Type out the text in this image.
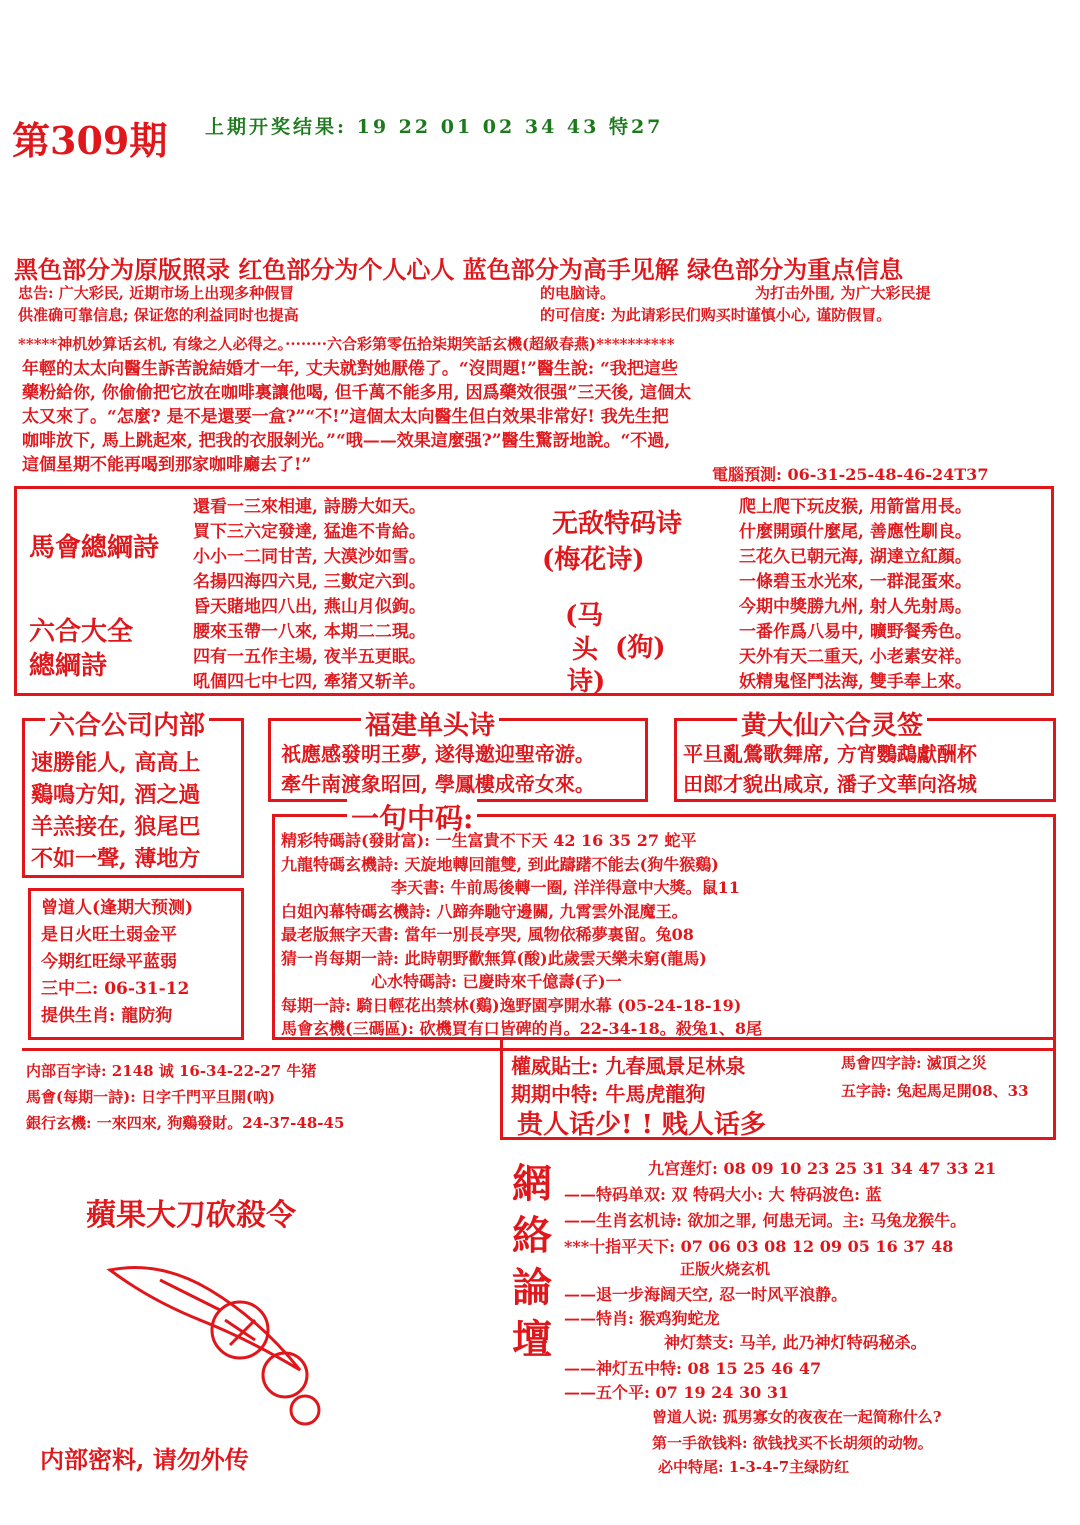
第309期 上期开奖结果: 19 22 01 02 34 43 特27
黑色部分为原版照录 红色部分为个人心人 蓝色部分为高手见解 绿色部分为重点信息
忠告: 广大彩民, 近期市场上出现多种假冒	的电脑诗。	为打击外围, 为广大彩民提
供准确可靠信息; 保证您的利益同时也提高	的可信度: 为此请彩民们购买时谨慎小心, 谨防假冒。
*****神机妙算话玄机, 有缘之人必得之。········六合彩第零伍拾柒期笑話玄機(超級春燕)**********
年輕的太太向醫生訴苦說結婚才一年, 丈夫就對她厭倦了。“沒問題!”醫生說: “我把這些
藥粉給你, 你偷偷把它放在咖啡裏讓他喝, 但千萬不能多用, 因爲藥效很强”三天後, 這個太
太又來了。“怎麼? 是不是還要一盒?”“不!”這個太太向醫生但白效果非常好! 我先生把
咖啡放下, 馬上跳起來, 把我的衣服剝光。”“哦——效果這麼强?”醫生驚訝地說。“不過,
這個星期不能再喝到那家咖啡廳去了!”	電腦預測: 06-31-25-48-46-24T37
馬會總綱詩
六合大全
總綱詩
還看一三來相連, 詩勝大如天。
買下三六定發達, 猛進不肯給。
小小一二同甘苦, 大漠沙如雪。
名揚四海四六見, 三數定六到。
昏天賭地四八出, 燕山月似鉤。
腰來玉帶一八來, 本期二二現。
四有一五作主場, 夜半五更眠。
吼個四七中七四, 牽猪又斩羊。
无敌特码诗
(梅花诗)
(马
头 (狗)
诗)
爬上爬下玩皮猴, 用箭當用長。
什麼開頭什麼尾, 善應性馴良。
三花久已朝元海, 湖達立紅顏。
一條碧玉水光來, 一群混蛋來。
今期中獎勝九州, 射人先射馬。
一番作爲八易中, 曠野餐秀色。
天外有天二重天, 小老素安祥。
妖精鬼怪鬥法海, 雙手奉上來。
六合公司内部
速勝能人, 高高上
鷄鳴方知, 酒之過
羊羔接在, 狼尾巴
不如一聲, 薄地方
福建单头诗
祇應感發明王夢, 遂得邀迎聖帝游。
牽牛南渡象昭回, 學鳳樓成帝女來。
黄大仙六合灵签
平旦亂鶯歌舞席, 方宵鸚鵡獻酬杯
田郎才貌出咸京, 潘子文華向洛城
曾道人(逢期大预测)
是日火旺土弱金平
今期红旺绿平蓝弱
三中二: 06-31-12
提供生肖: 龍防狗
一句中码:
精彩特碼詩(發財富): 一生富貴不下天 42 16 35 27 蛇平
九龍特碼玄機詩: 天旋地轉回龍雙, 到此躊躇不能去(狗牛猴鷄)
李天書: 牛前馬後轉一圈, 洋洋得意中大獎。鼠11
白姐內幕特碼玄機詩: 八蹄奔馳守邊關, 九霄雲外混魔王。
最老版無字天書: 當年一別長亭哭, 風物依稀夢裏留。兔08
猜一肖每期一詩: 此時朝野歡無算(酸)此歲雲天樂未窮(龍馬)
心水特碼詩: 已慶時來千億壽(子)一
每期一詩: 騎日輕花出禁林(鷄)逸野園亭開水幕 (05-24-18-19)
馬會玄機(三碼區): 砍機買有口皆碑的肖。22-34-18。殺兔1、8尾
内部百字诗: 2148 诚 16-34-22-27 牛猪
馬會(每期一詩): 日字千門平旦開(吶)
銀行玄機: 一來四來, 狗鷄發財。24-37-48-45
權威貼士: 九春風景足林泉	馬會四字詩: 滅頂之災
期期中特: 牛馬虎龍狗	五字詩: 兔起馬足開08、33
贵人话少! ! 贱人话多
蘋果大刀砍殺令
内部密料, 请勿外传
網
絡
論
壇
九宫莲灯: 08 09 10 23 25 31 34 47 33 21
——特码单双: 双 特码大小: 大 特码波色: 蓝
——生肖玄机诗: 欲加之罪, 何患无词。主: 马兔龙猴牛。
***十指平天下: 07 06 03 08 12 09 05 16 37 48
正版火烧玄机
——退一步海阔天空, 忍一时风平浪静。
——特肖: 猴鸡狗蛇龙
神灯禁支: 马羊, 此乃神灯特码秘杀。
——神灯五中特: 08 15 25 46 47
——五个平: 07 19 24 30 31
曾道人说: 孤男寡女的夜夜在一起简称什么?
第一手欲钱料: 欲钱找买不长胡须的动物。
必中特尾: 1-3-4-7主绿防红
